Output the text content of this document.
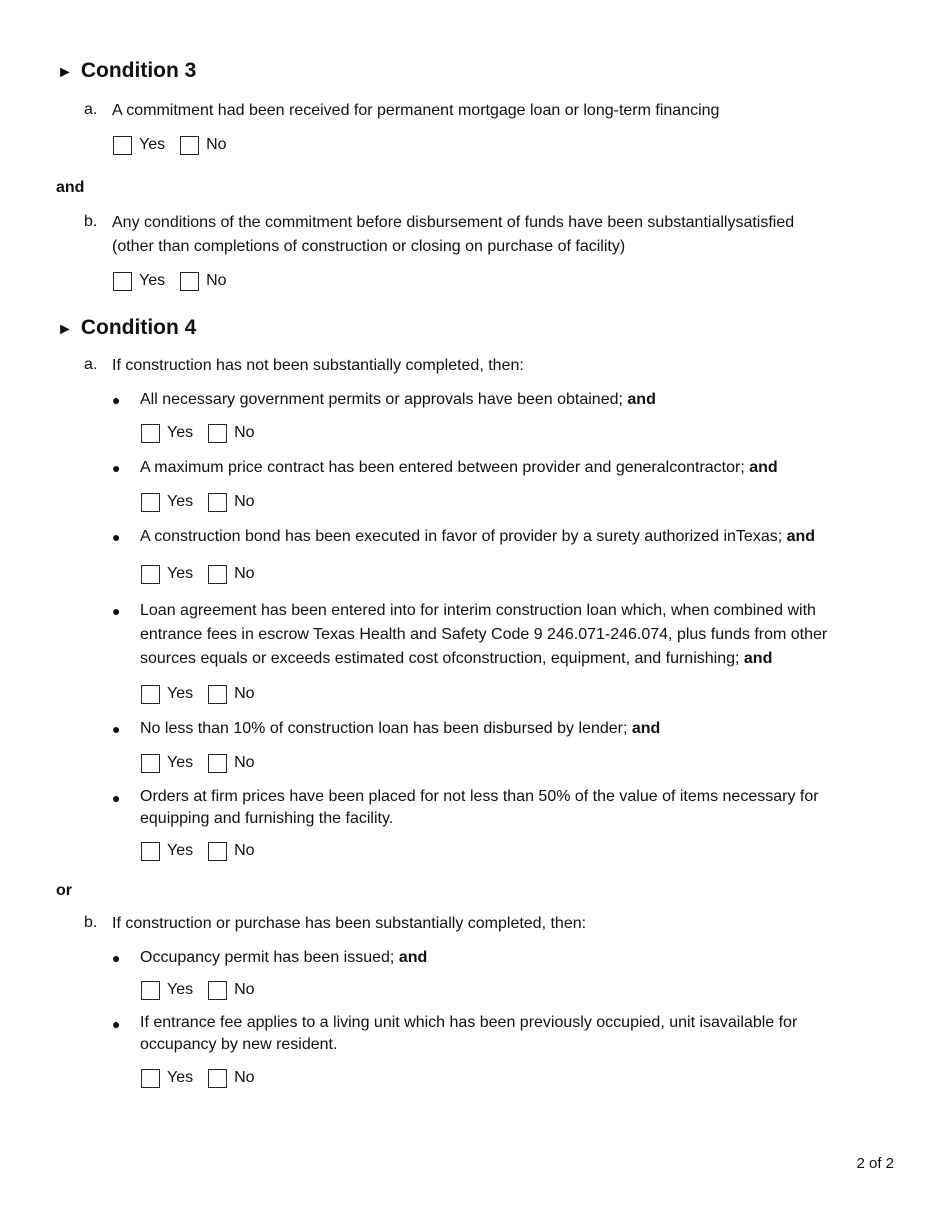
► Condition 3
a. A commitment had been received for permanent mortgage loan or long-term financing
Yes	No
and
b. Any conditions of the commitment before disbursement of funds have been substantiallysatisfied
(other than completions of construction or closing on purchase of facility)
Yes	No
► Condition 4
a. If construction has not been substantially completed, then:
● All necessary government permits or approvals have been obtained; and
Yes	No
● A maximum price contract has been entered between provider and generalcontractor; and
Yes	No
● A construction bond has been executed in favor of provider by a surety authorized inTexas; and
Yes	No
● Loan agreement has been entered into for interim construction loan which, when combined with
entrance fees in escrow Texas Health and Safety Code 9 246.071-246.074, plus funds from other
sources equals or exceeds estimated cost ofconstruction, equipment, and furnishing; and
Yes	No
● No less than 10% of construction loan has been disbursed by lender; and
Yes	No
● Orders at firm prices have been placed for not less than 50% of the value of items necessary for
equipping and furnishing the facility.
Yes	No
or
b. If construction or purchase has been substantially completed, then:
● Occupancy permit has been issued; and
Yes	No
● If entrance fee applies to a living unit which has been previously occupied, unit isavailable for
occupancy by new resident.
Yes	No
2 of 2
